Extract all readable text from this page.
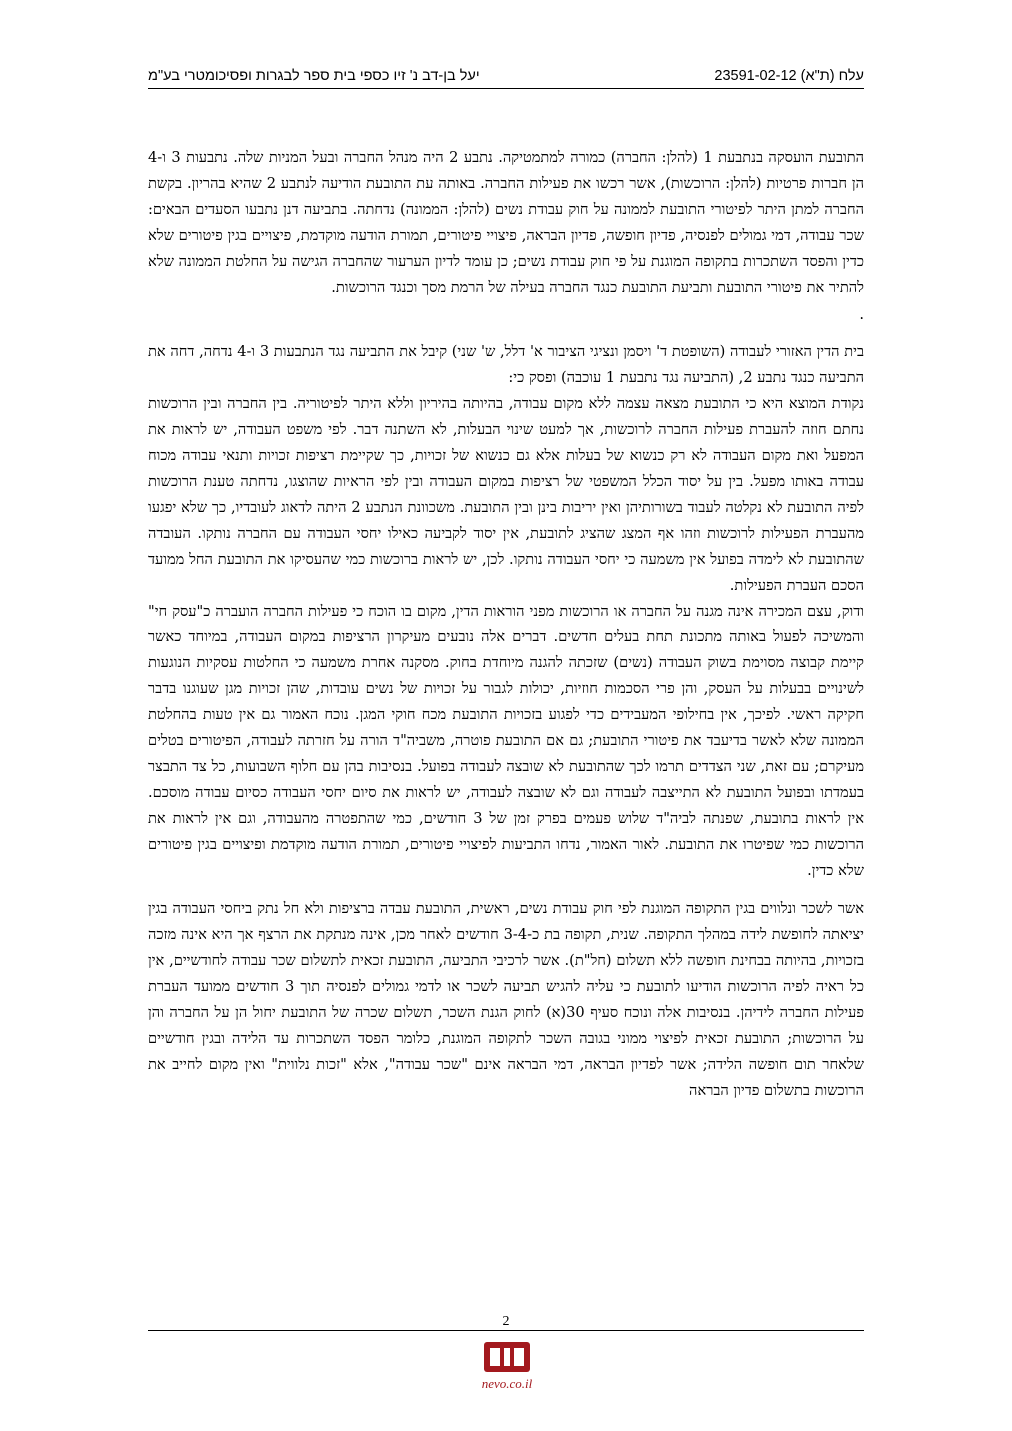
עלח (ת"א) 23591-02-12
יעל בן-דב נ' זיו כספי בית ספר לבגרות ופסיכומטרי בע"מ

התובעת הועסקה בנתבעת 1 (להלן: החברה) כמורה למתמטיקה. נתבע 2 היה מנהל החברה ובעל המניות שלה. נתבעות 3 ו-4 הן חברות פרטיות (להלן: הרוכשות), אשר רכשו את פעילות החברה. באותה עת התובעת הודיעה לנתבע 2 שהיא בהריון. בקשת החברה למתן היתר לפיטורי התובעת לממונה על חוק עבודת נשים (להלן: הממונה) נדחתה. בתביעה דנן נתבעו הסעדים הבאים: שכר עבודה, דמי גמולים לפנסיה, פדיון חופשה, פדיון הבראה, פיצויי פיטורים, תמורת הודעה מוקדמת, פיצויים בגין פיטורים שלא כדין והפסד השתכרות בתקופה המוגנת על פי חוק עבודת נשים; כן עומד לדיון הערעור שהחברה הגישה על החלטת הממונה שלא להתיר את פיטורי התובעת ותביעת התובעת כנגד החברה בעילה של הרמת מסך וכנגד הרוכשות.

.

בית הדין האזורי לעבודה (השופטת ד' ויסמן ונציגי הציבור א' דלל, ש' שני) קיבל את התביעה נגד הנתבעות 3 ו-4 נדחה, דחה את התביעה כנגד נתבע 2, (התביעה נגד נתבעת 1 עוכבה) ופסק כי:

נקודת המוצא היא כי התובעת מצאה עצמה ללא מקום עבודה, בהיותה בהיריון וללא היתר לפיטוריה. בין החברה ובין הרוכשות נחתם חוזה להעברת פעילות החברה לרוכשות, אך למעט שינוי הבעלות, לא השתנה דבר. לפי משפט העבודה, יש לראות את המפעל ואת מקום העבודה לא רק כנשוא של בעלות אלא גם כנשוא של זכויות, כך שקיימת רציפות זכויות ותנאי עבודה מכוח עבודה באותו מפעל. בין על יסוד הכלל המשפטי של רציפות במקום העבודה ובין לפי הראיות שהוצגו, נדחתה טענת הרוכשות לפיה התובעת לא נקלטה לעבוד בשורותיהן ואין יריבות בינן ובין התובעת. משכוונת הנתבע 2 היתה לדאוג לעובדיו, כך שלא יפגעו מהעברת הפעילות לרוכשות וזהו אף המצג שהציג לתובעת, אין יסוד לקביעה כאילו יחסי העבודה עם החברה נותקו. העובדה שהתובעת לא לימדה בפועל אין משמעה כי יחסי העבודה נותקו. לכן, יש לראות ברוכשות כמי שהעסיקו את התובעת החל ממועד הסכם העברת הפעילות.

ודוק, עצם המכירה אינה מגנה על החברה או הרוכשות מפני הוראות הדין, מקום בו הוכח כי פעילות החברה הועברה כ"עסק חי" והמשיכה לפעול באותה מתכונת תחת בעלים חדשים. דברים אלה נובעים מעיקרון הרציפות במקום העבודה, במיוחד כאשר קיימת קבוצה מסוימת בשוק העבודה (נשים) שזכתה להגנה מיוחדת בחוק. מסקנה אחרת משמעה כי החלטות עסקיות הנוגעות לשינויים בבעלות על העסק, והן פרי הסכמות חוזיות, יכולות לגבור על זכויות של נשים עובדות, שהן זכויות מגן שעוגנו בדבר חקיקה ראשי. לפיכך, אין בחילופי המעבידים כדי לפגוע בזכויות התובעת מכח חוקי המגן. נוכח האמור גם אין טעות בהחלטת הממונה שלא לאשר בדיעבד את פיטורי התובעת; גם אם התובעת פוטרה, משביה"ד הורה על חזרתה לעבודה, הפיטורים בטלים מעיקרם; עם זאת, שני הצדדים תרמו לכך שהתובעת לא שובצה לעבודה בפועל. בנסיבות בהן עם חלוף השבועות, כל צד התבצר בעמדתו ובפועל התובעת לא התייצבה לעבודה וגם לא שובצה לעבודה, יש לראות את סיום יחסי העבודה כסיום עבודה מוסכם. אין לראות בתובעת, שפנתה לביה"ד שלוש פעמים בפרק זמן של 3 חודשים, כמי שהתפטרה מהעבודה, וגם אין לראות את הרוכשות כמי שפיטרו את התובעת. לאור האמור, נדחו התביעות לפיצויי פיטורים, תמורת הודעה מוקדמת ופיצויים בגין פיטורים שלא כדין.

אשר לשכר ונלווים בגין התקופה המוגנת לפי חוק עבודת נשים, ראשית, התובעת עבדה ברציפות ולא חל נתק ביחסי העבודה בגין יציאתה לחופשת לידה במהלך התקופה. שנית, תקופה בת כ-3-4 חודשים לאחר מכן, אינה מנתקת את הרצף אך היא אינה מזכה בזכויות, בהיותה בבחינת חופשה ללא תשלום (חל"ת). אשר לרכיבי התביעה, התובעת זכאית לתשלום שכר עבודה לחודשיים, אין כל ראיה לפיה הרוכשות הודיעו לתובעת כי עליה להגיש תביעה לשכר או לדמי גמולים לפנסיה תוך 3 חודשים ממועד העברת פעילות החברה לידיהן. בנסיבות אלה ונוכח סעיף 30(א) לחוק הגנת השכר, תשלום שכרה של התובעת יחול הן על החברה והן על הרוכשות; התובעת זכאית לפיצוי ממוני בגובה השכר לתקופה המוגנת, כלומר הפסד השתכרות עד הלידה ובגין חודשיים שלאחר תום חופשה הלידה; אשר לפדיון הבראה, דמי הבראה אינם "שכר עבודה", אלא "זכות נלווית" ואין מקום לחייב את הרוכשות בתשלום פדיון הבראה

2
nevo.co.il
